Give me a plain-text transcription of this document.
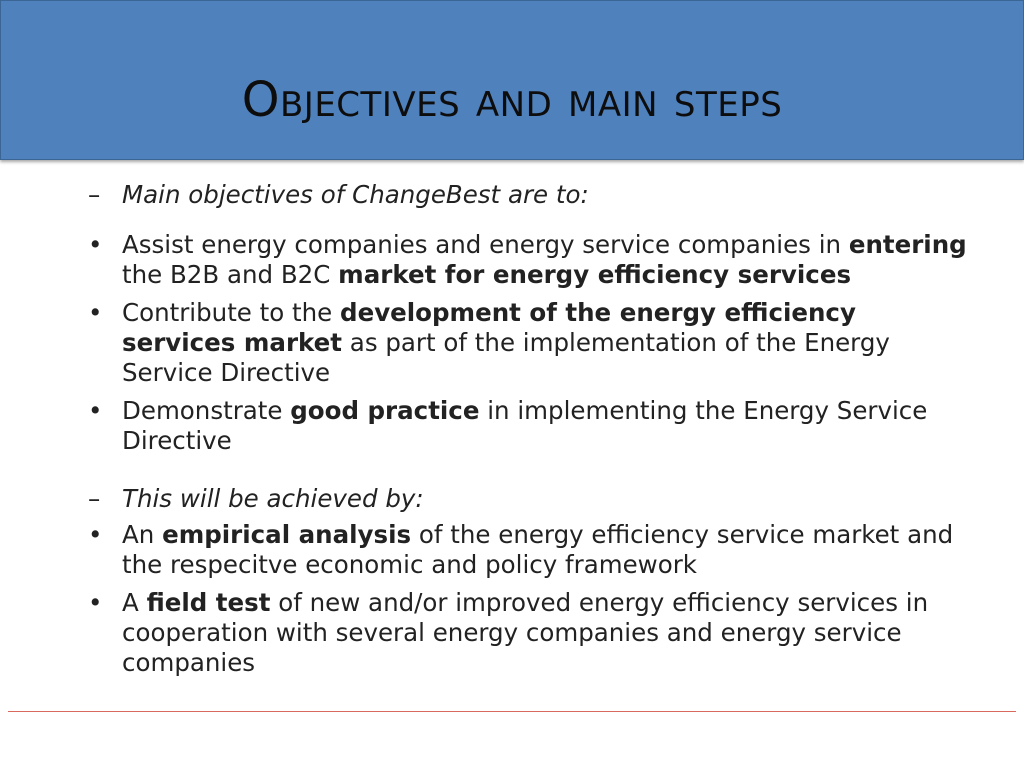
Objectives and main steps

– Main objectives of ChangeBest are to:

• Assist energy companies and energy service companies in entering the B2B and B2C market for energy efficiency services
• Contribute to the development of the energy efficiency services market as part of the implementation of the Energy Service Directive
• Demonstrate good practice in implementing the Energy Service Directive

– This will be achieved by:

• An empirical analysis of the energy efficiency service market and the respecitve economic and policy framework
• A field test of new and/or improved energy efficiency services in cooperation with several energy companies and energy service companies
